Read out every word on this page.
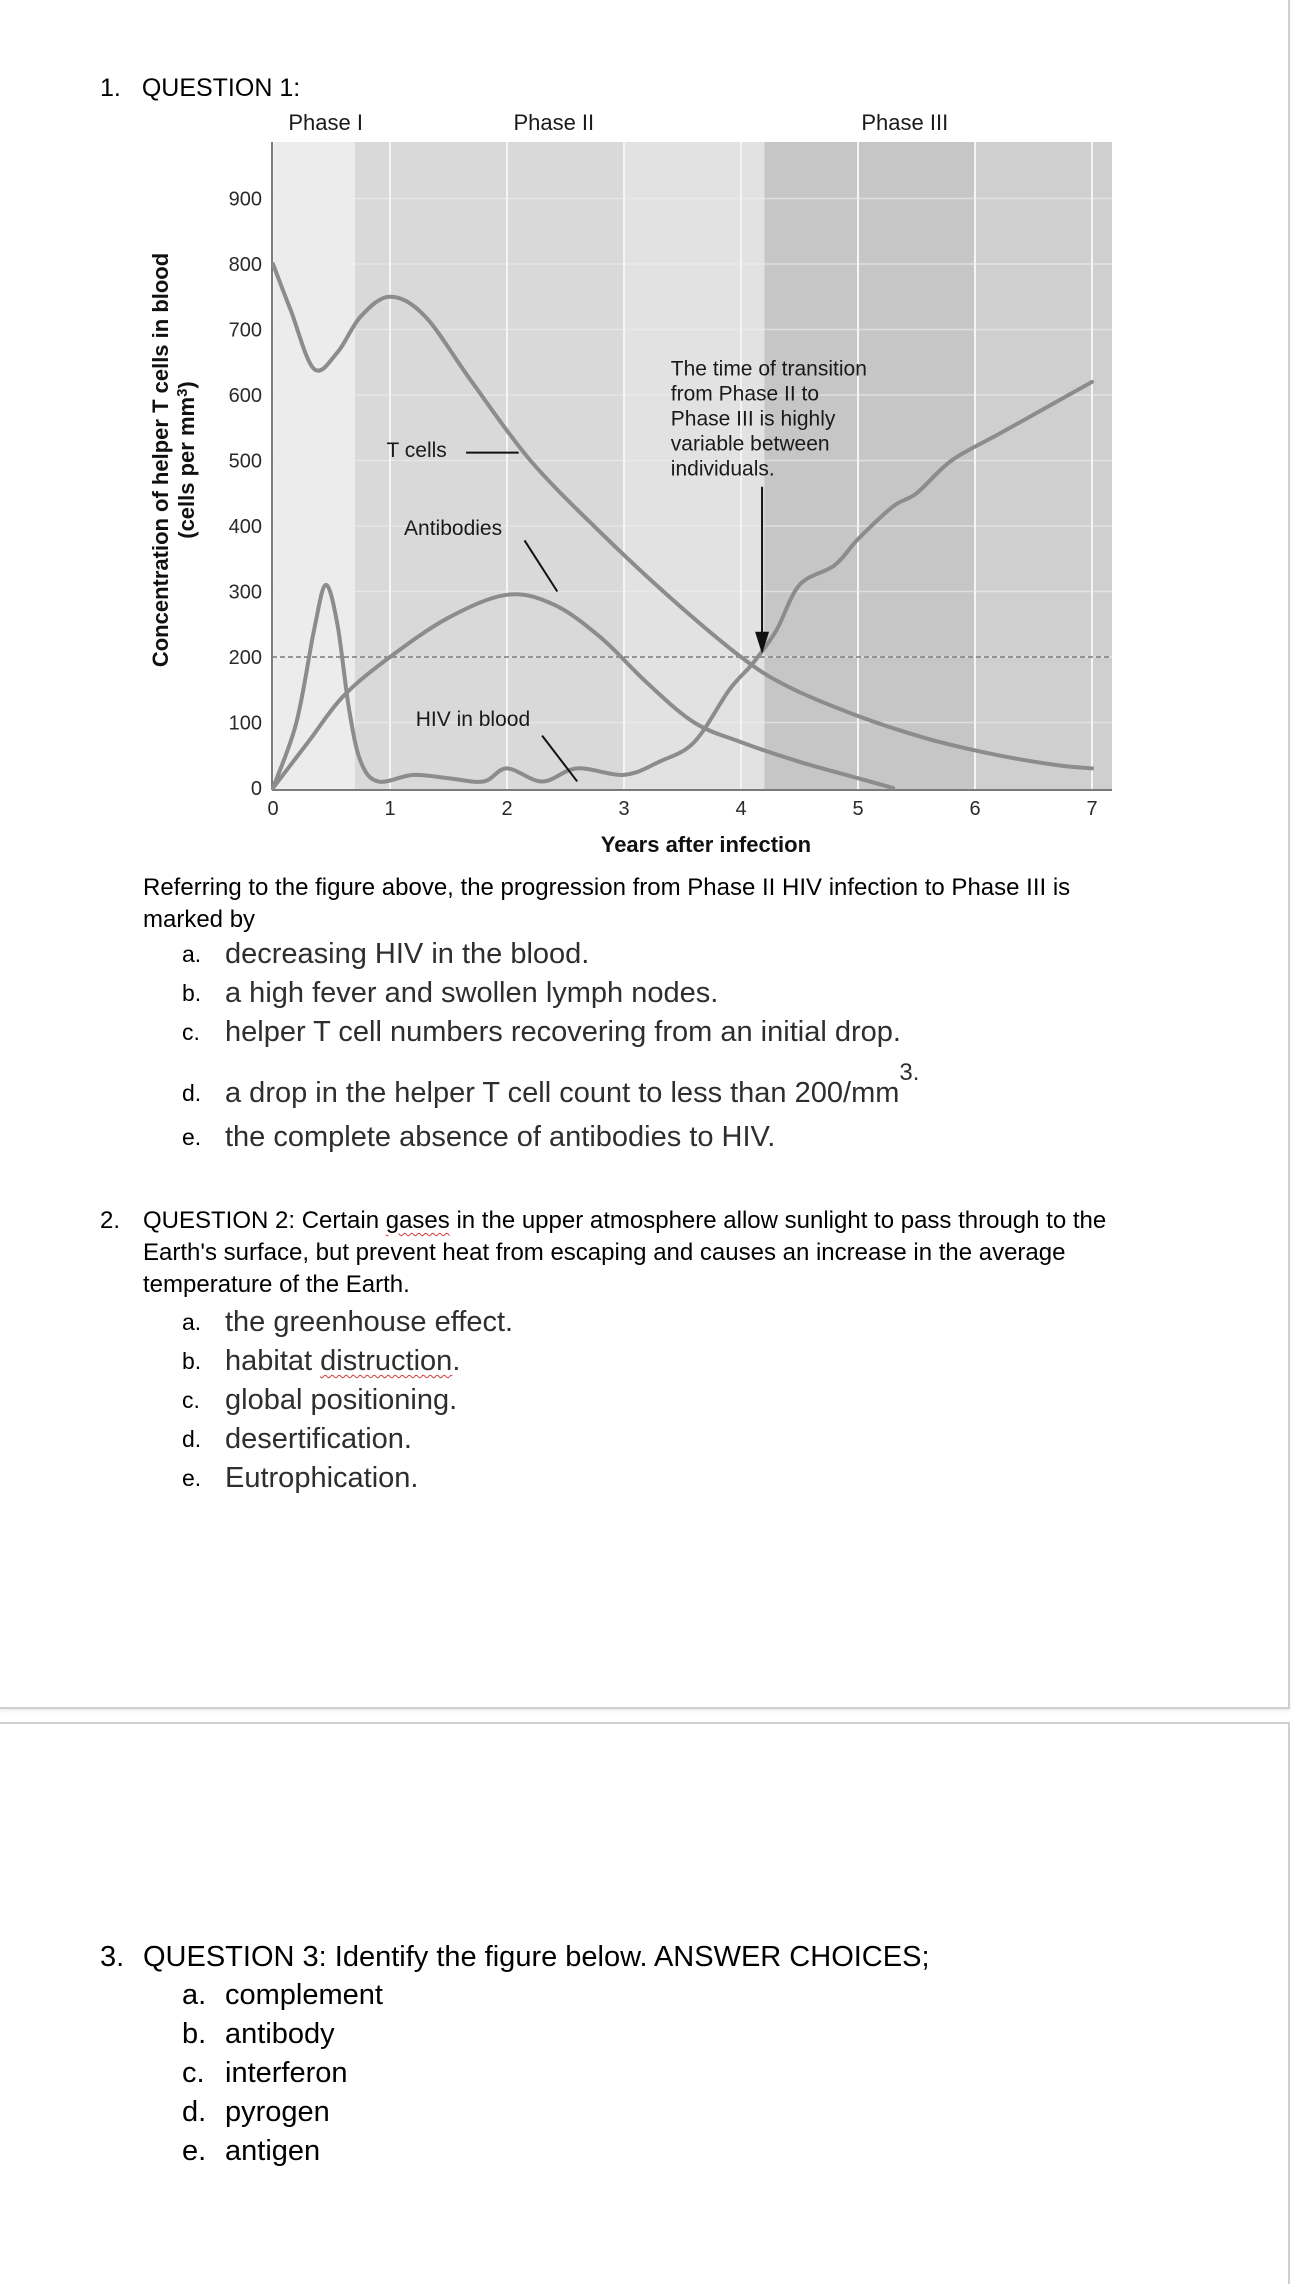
1. QUESTION 1:
0	1	2	3	4	5	6	7
0
100
200
300
400
500
600
700
800
900
Phase I	Phase II	Phase III
Years after infection
Concentration of helper T cells in blood (cells per $mm^3$)
T cells
Antibodies
HIV in blood
The time of transition from Phase II to Phase III is highly variable between individuals.
Referring to the figure above, the progression from Phase II HIV infection to Phase III is marked by
a. decreasing HIV in the blood.
b. a high fever and swollen lymph nodes.
c. helper T cell numbers recovering from an initial drop.
d. a drop in the helper T cell count to less than $200/mm^{3.}$
e. the complete absence of antibodies to HIV.
2. QUESTION 2: Certain gases in the upper atmosphere allow sunlight to pass through to the Earth's surface, but prevent heat from escaping and causes an increase in the average temperature of the Earth.
a. the greenhouse effect.
b. habitat distruction.
c. global positioning.
d. desertification.
e. Eutrophication.
3. QUESTION 3: Identify the figure below. ANSWER CHOICES;
a. complement
b. antibody
c. interferon
d. pyrogen
e. antigen
